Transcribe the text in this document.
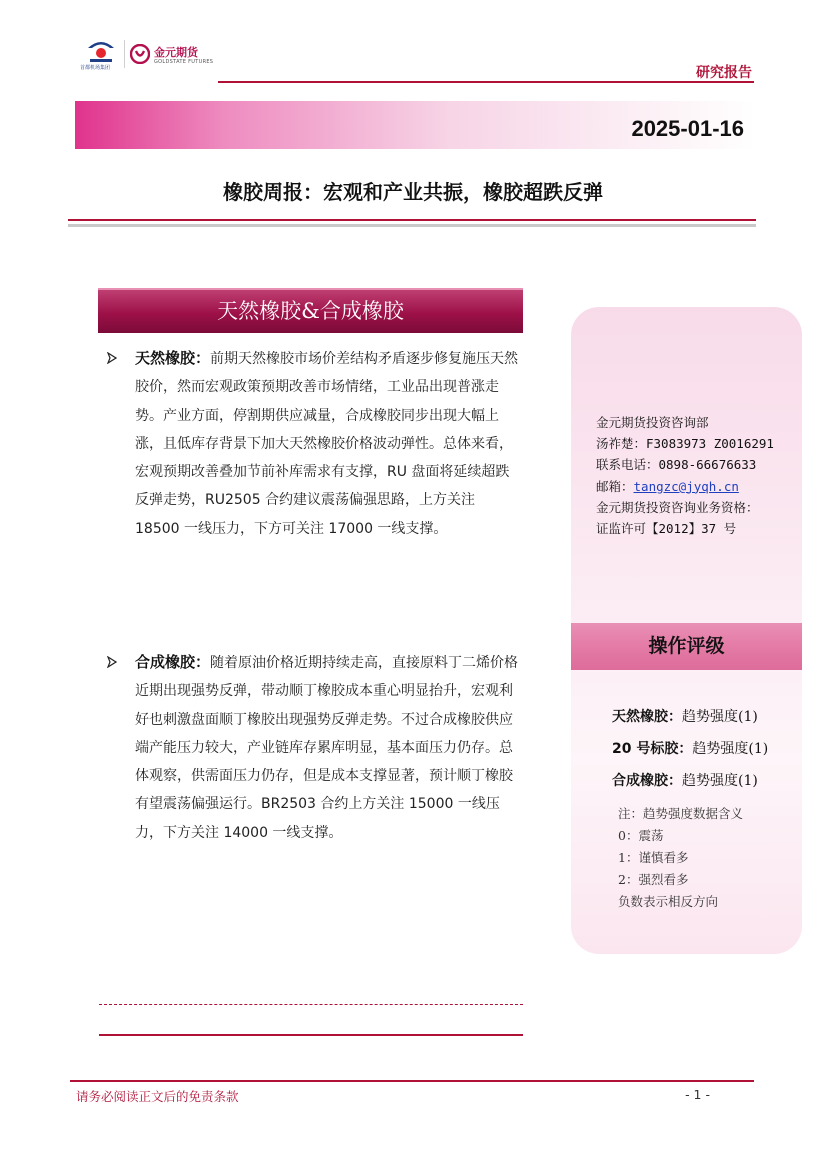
首都机场集团
金元期货
GOLDSTATE FUTURES
研究报告
2025-01-16
橡胶周报：宏观和产业共振，橡胶超跌反弹
天然橡胶&合成橡胶
天然橡胶：前期天然橡胶市场价差结构矛盾逐步修复施压天然胶价，然而宏观政策预期改善市场情绪，工业品出现普涨走势。产业方面，停割期供应减量，合成橡胶同步出现大幅上涨，且低库存背景下加大天然橡胶价格波动弹性。总体来看，宏观预期改善叠加节前补库需求有支撑，RU 盘面将延续超跌反弹走势，RU2505 合约建议震荡偏强思路，上方关注 18500 一线压力，下方可关注 17000 一线支撑。
合成橡胶：随着原油价格近期持续走高，直接原料丁二烯价格近期出现强势反弹，带动顺丁橡胶成本重心明显抬升，宏观利好也刺激盘面顺丁橡胶出现强势反弹走势。不过合成橡胶供应端产能压力较大，产业链库存累库明显，基本面压力仍存。总体观察，供需面压力仍存，但是成本支撑显著，预计顺丁橡胶有望震荡偏强运行。BR2503 合约上方关注 15000 一线压力，下方关注 14000 一线支撑。
金元期货投资咨询部
汤祚楚：F3083973 Z0016291
联系电话：0898-66676633
邮箱：tangzc@jyqh.cn
金元期货投资咨询业务资格：
证监许可【2012】37 号
操作评级
天然橡胶：趋势强度(1)
20 号标胶：趋势强度(1)
合成橡胶：趋势强度(1)
注：趋势强度数据含义
0：震荡
1：谨慎看多
2：强烈看多
负数表示相反方向
请务必阅读正文后的免责条款	- 1 -
